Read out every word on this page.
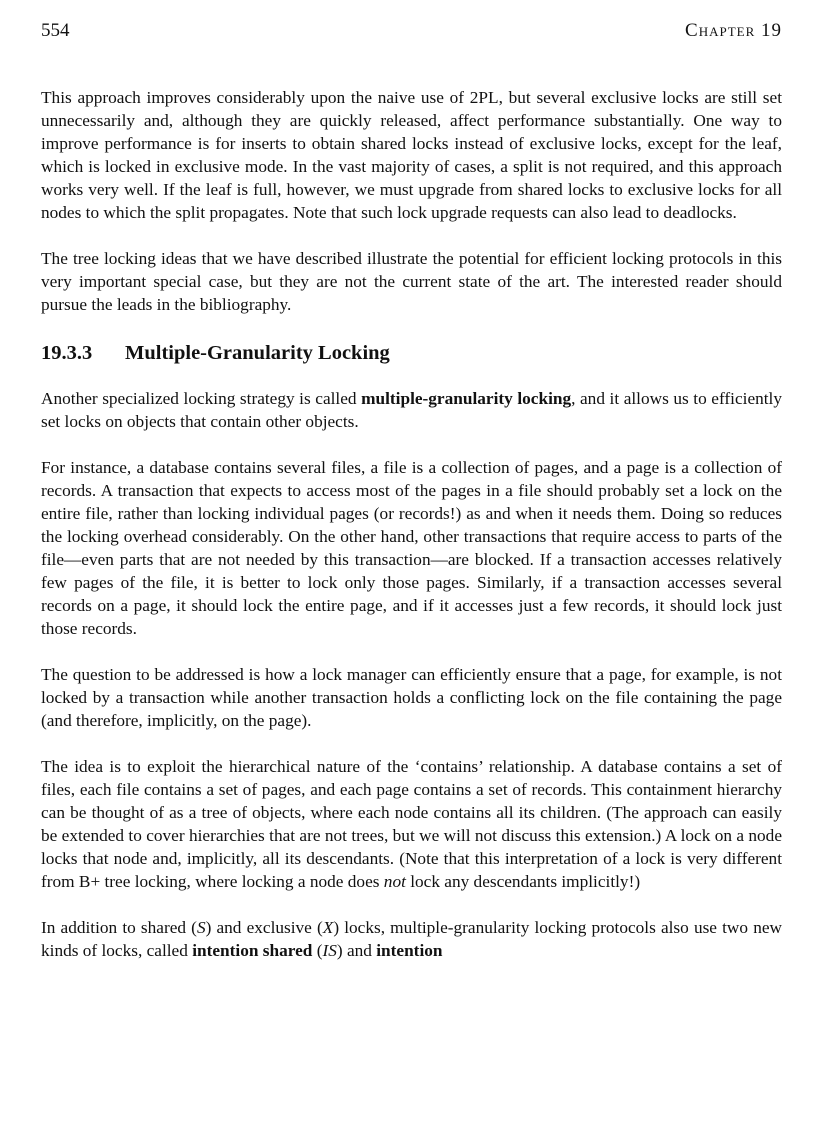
554	Chapter 19

This approach improves considerably upon the naive use of 2PL, but several exclusive locks are still set unnecessarily and, although they are quickly released, affect performance substantially. One way to improve performance is for inserts to obtain shared locks instead of exclusive locks, except for the leaf, which is locked in exclusive mode. In the vast majority of cases, a split is not required, and this approach works very well. If the leaf is full, however, we must upgrade from shared locks to exclusive locks for all nodes to which the split propagates. Note that such lock upgrade requests can also lead to deadlocks.

The tree locking ideas that we have described illustrate the potential for efficient locking protocols in this very important special case, but they are not the current state of the art. The interested reader should pursue the leads in the bibliography.

19.3.3 Multiple-Granularity Locking

Another specialized locking strategy is called multiple-granularity locking, and it allows us to efficiently set locks on objects that contain other objects.

For instance, a database contains several files, a file is a collection of pages, and a page is a collection of records. A transaction that expects to access most of the pages in a file should probably set a lock on the entire file, rather than locking individual pages (or records!) as and when it needs them. Doing so reduces the locking overhead considerably. On the other hand, other transactions that require access to parts of the file—even parts that are not needed by this transaction—are blocked. If a transaction accesses relatively few pages of the file, it is better to lock only those pages. Similarly, if a transaction accesses several records on a page, it should lock the entire page, and if it accesses just a few records, it should lock just those records.

The question to be addressed is how a lock manager can efficiently ensure that a page, for example, is not locked by a transaction while another transaction holds a conflicting lock on the file containing the page (and therefore, implicitly, on the page).

The idea is to exploit the hierarchical nature of the ‘contains’ relationship. A database contains a set of files, each file contains a set of pages, and each page contains a set of records. This containment hierarchy can be thought of as a tree of objects, where each node contains all its children. (The approach can easily be extended to cover hierarchies that are not trees, but we will not discuss this extension.) A lock on a node locks that node and, implicitly, all its descendants. (Note that this interpretation of a lock is very different from B+ tree locking, where locking a node does not lock any descendants implicitly!)

In addition to shared (S) and exclusive (X) locks, multiple-granularity locking protocols also use two new kinds of locks, called intention shared (IS) and intention
